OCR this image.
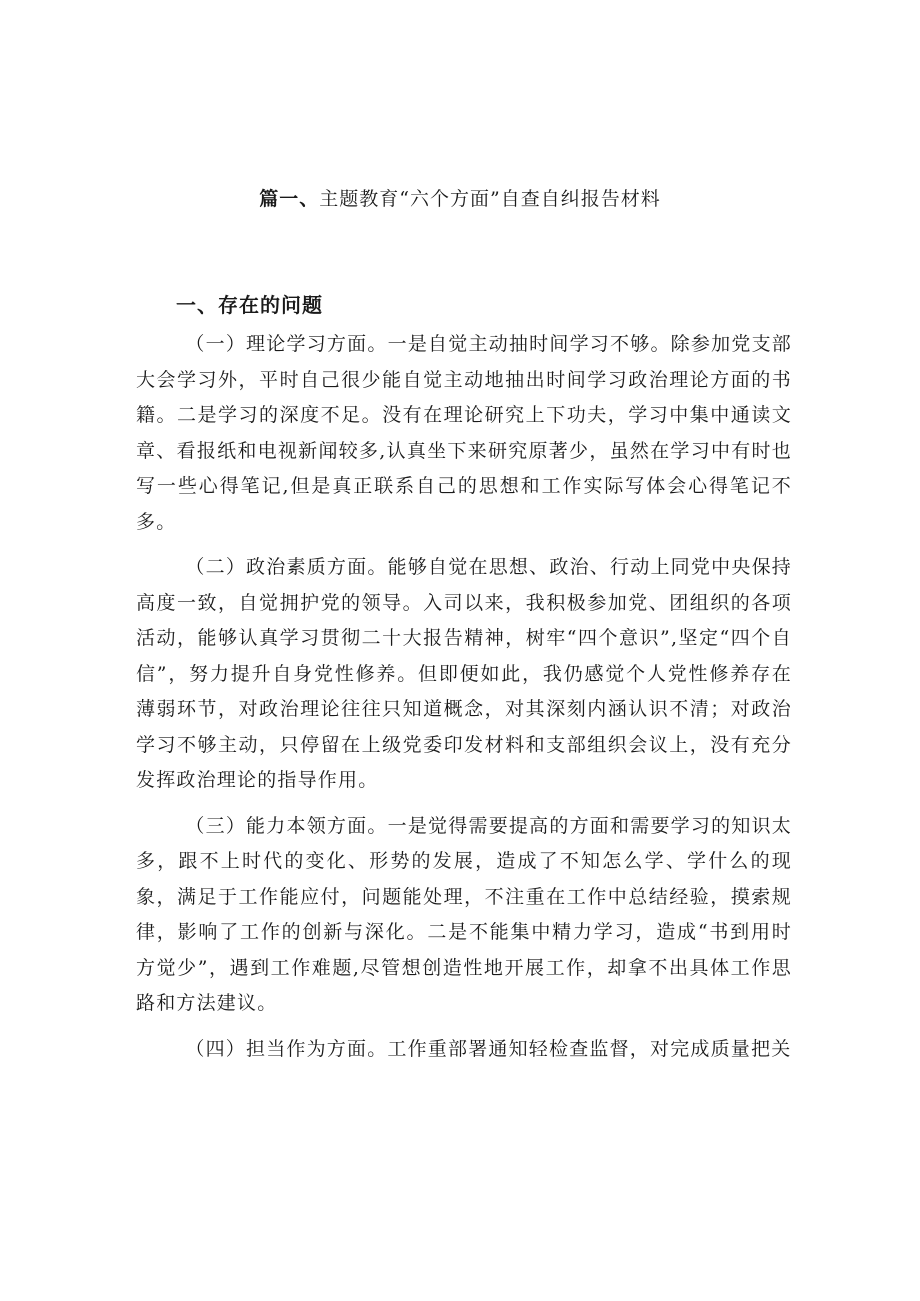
篇一、主题教育“六个方面”自查自纠报告材料
一、存在的问题

（一）理论学习方面。一是自觉主动抽时间学习不够。除参加党支部大会学习外，平时自己很少能自觉主动地抽出时间学习政治理论方面的书籍。二是学习的深度不足。没有在理论研究上下功夫，学习中集中通读文章、看报纸和电视新闻较多,认真坐下来研究原著少，虽然在学习中有时也写一些心得笔记,但是真正联系自己的思想和工作实际写体会心得笔记不多。

（二）政治素质方面。能够自觉在思想、政治、行动上同党中央保持高度一致，自觉拥护党的领导。入司以来，我积极参加党、团组织的各项活动，能够认真学习贯彻二十大报告精神，树牢“四个意识”,坚定“四个自信”，努力提升自身党性修养。但即便如此，我仍感觉个人党性修养存在薄弱环节，对政治理论往往只知道概念，对其深刻内涵认识不清；对政治学习不够主动，只停留在上级党委印发材料和支部组织会议上，没有充分发挥政治理论的指导作用。

（三）能力本领方面。一是觉得需要提高的方面和需要学习的知识太多，跟不上时代的变化、形势的发展，造成了不知怎么学、学什么的现象，满足于工作能应付，问题能处理，不注重在工作中总结经验，摸索规律，影响了工作的创新与深化。二是不能集中精力学习，造成“书到用时方觉少”，遇到工作难题,尽管想创造性地开展工作，却拿不出具体工作思路和方法建议。

（四）担当作为方面。工作重部署通知轻检查监督，对完成质量把关
